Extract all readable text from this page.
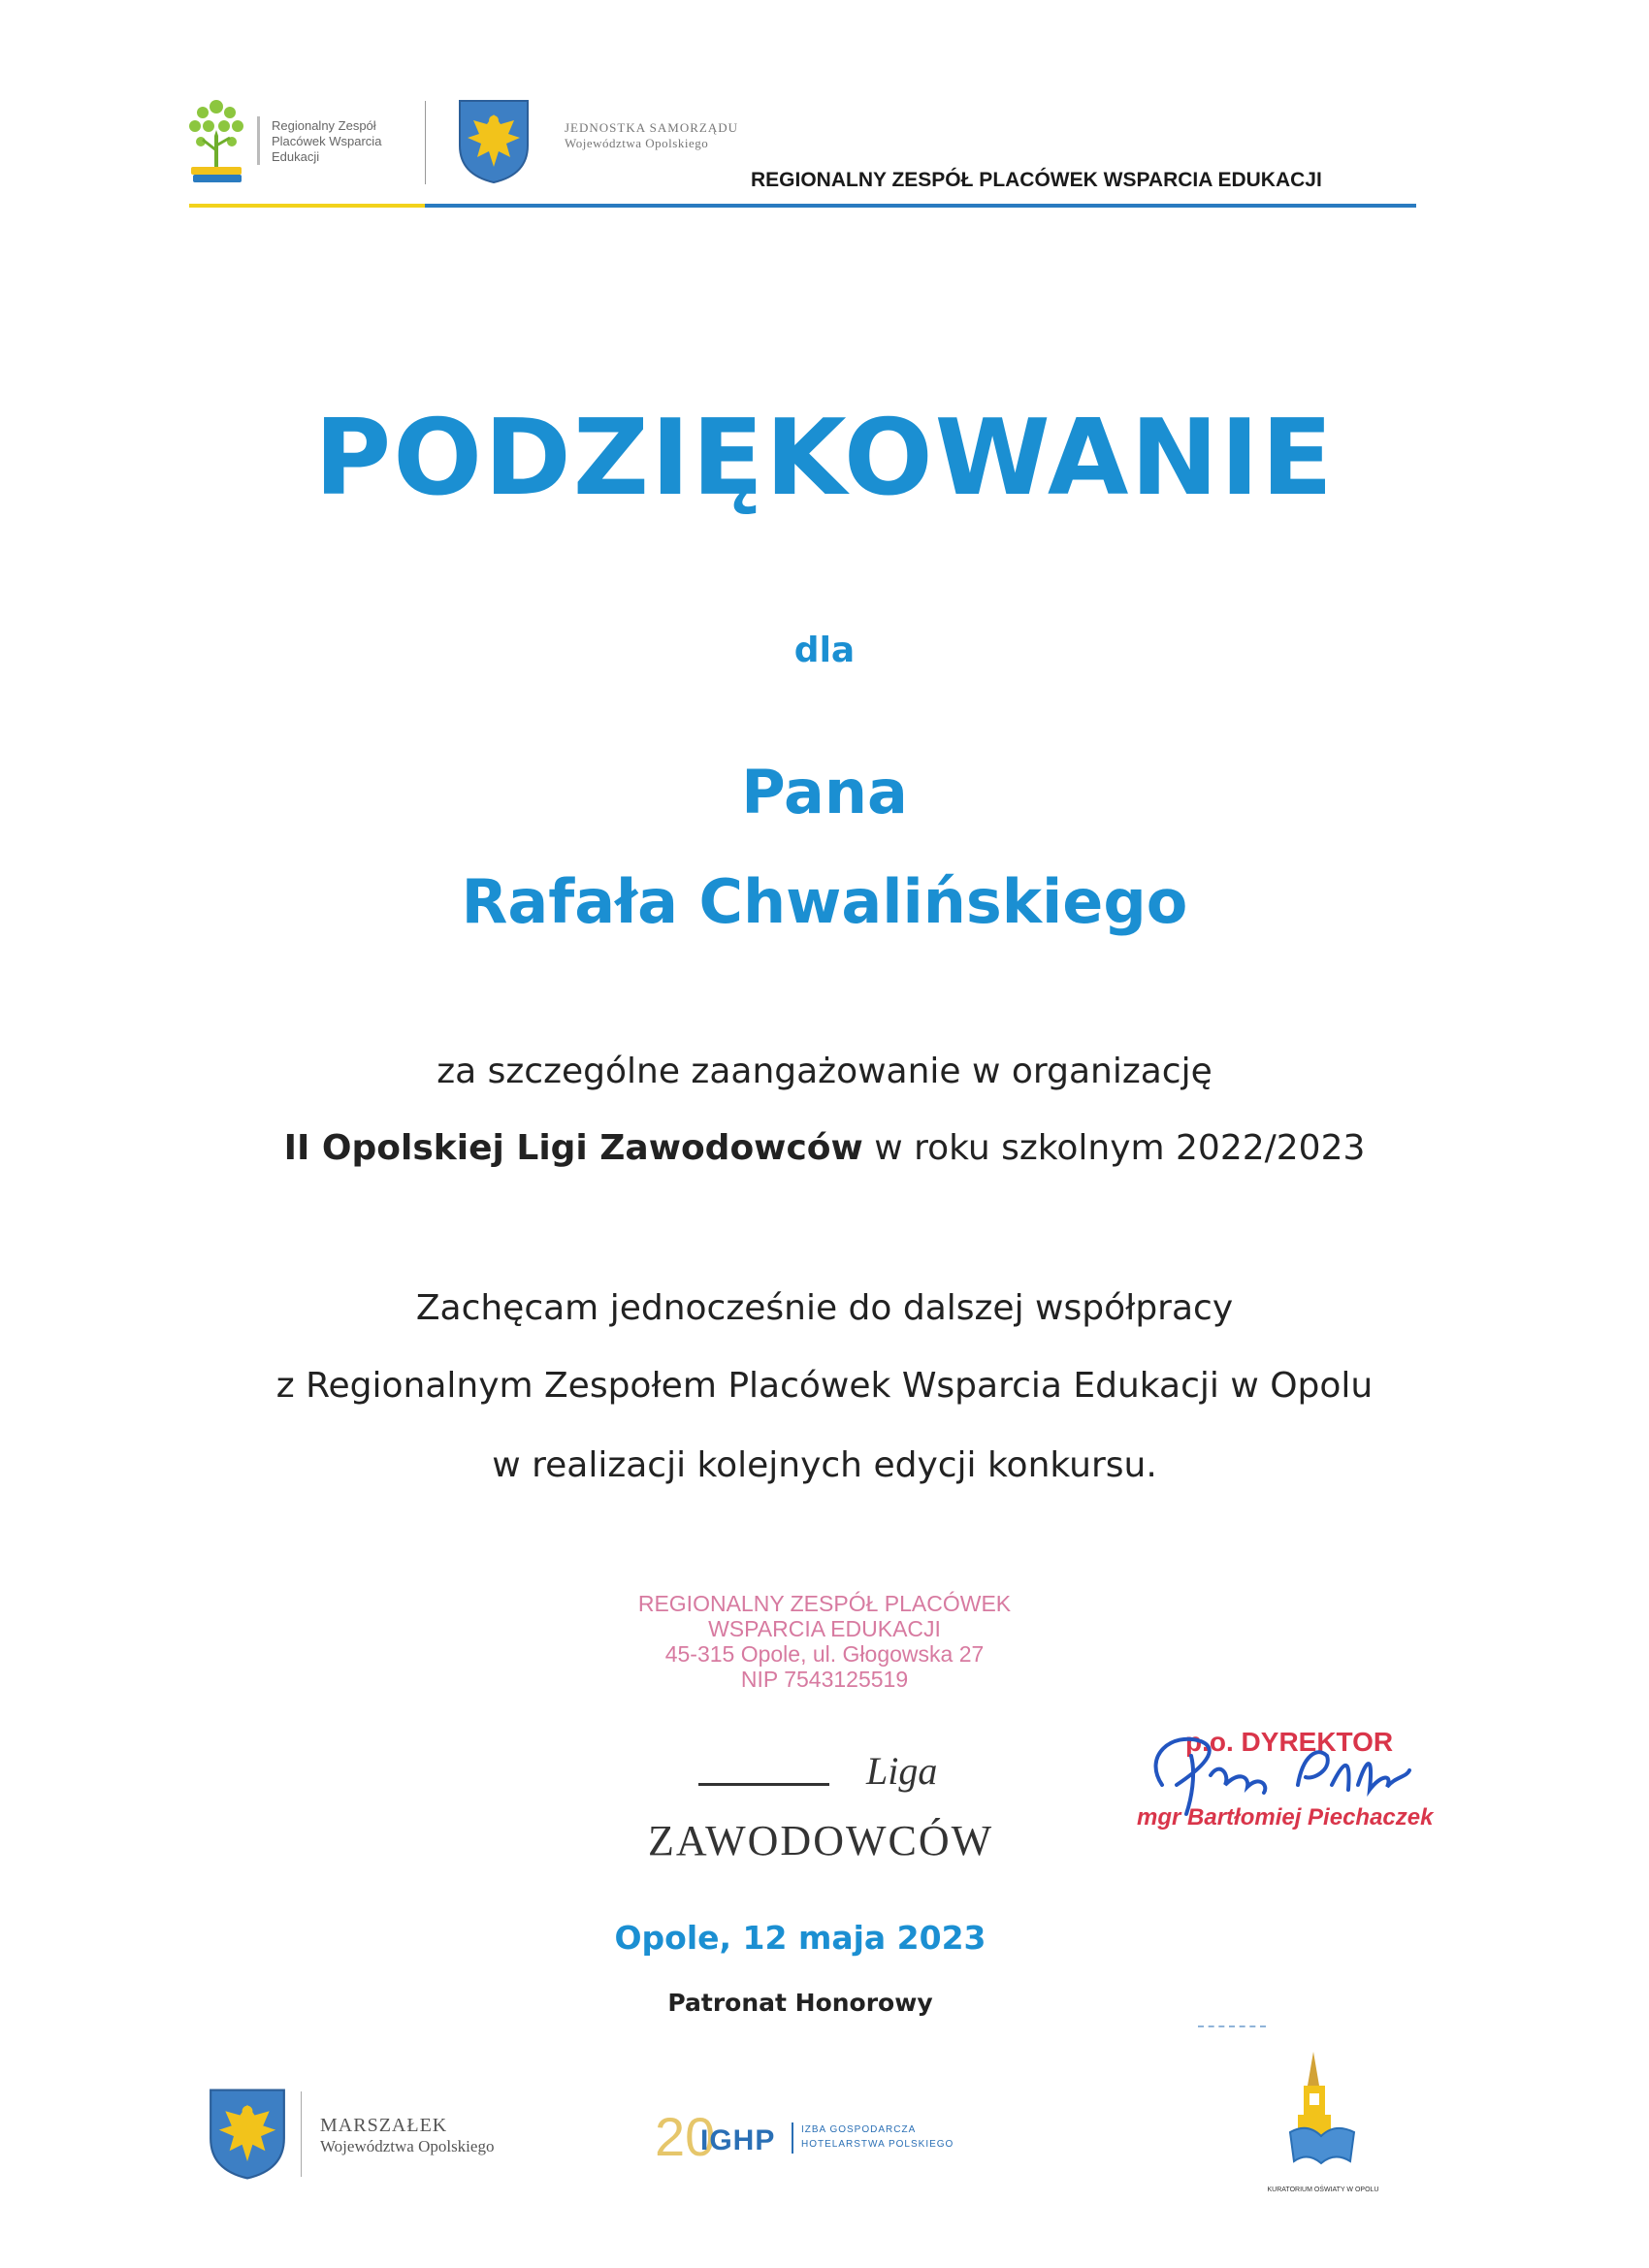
Regionalny Zespół
Placówek Wsparcia
Edukacji
JEDNOSTKA SAMORZĄDU
Województwa Opolskiego
REGIONALNY ZESPÓŁ PLACÓWEK WSPARCIA EDUKACJI
PODZIĘKOWANIE
dla
Pana
Rafała Chwalińskiego
za szczególne zaangażowanie w organizację
II Opolskiej Ligi Zawodowców w roku szkolnym 2022/2023
Zachęcam jednocześnie do dalszej współpracy
z Regionalnym Zespołem Placówek Wsparcia Edukacji w Opolu
w realizacji kolejnych edycji konkursu.
REGIONALNY ZESPÓŁ PLACÓWEK
WSPARCIA EDUKACJI
45-315 Opole, ul. Głogowska 27
NIP 7543125519
Liga
ZAWODOWCÓW
p.o. DYREKTOR
mgr Bartłomiej Piechaczek
Opole, 12 maja 2023
Patronat Honorowy
MARSZAŁEK
Województwa Opolskiego	20
IGHP	IZBA GOSPODARCZA
HOTELARSTWA POLSKIEGO
KURATORIUM OŚWIATY W OPOLU
